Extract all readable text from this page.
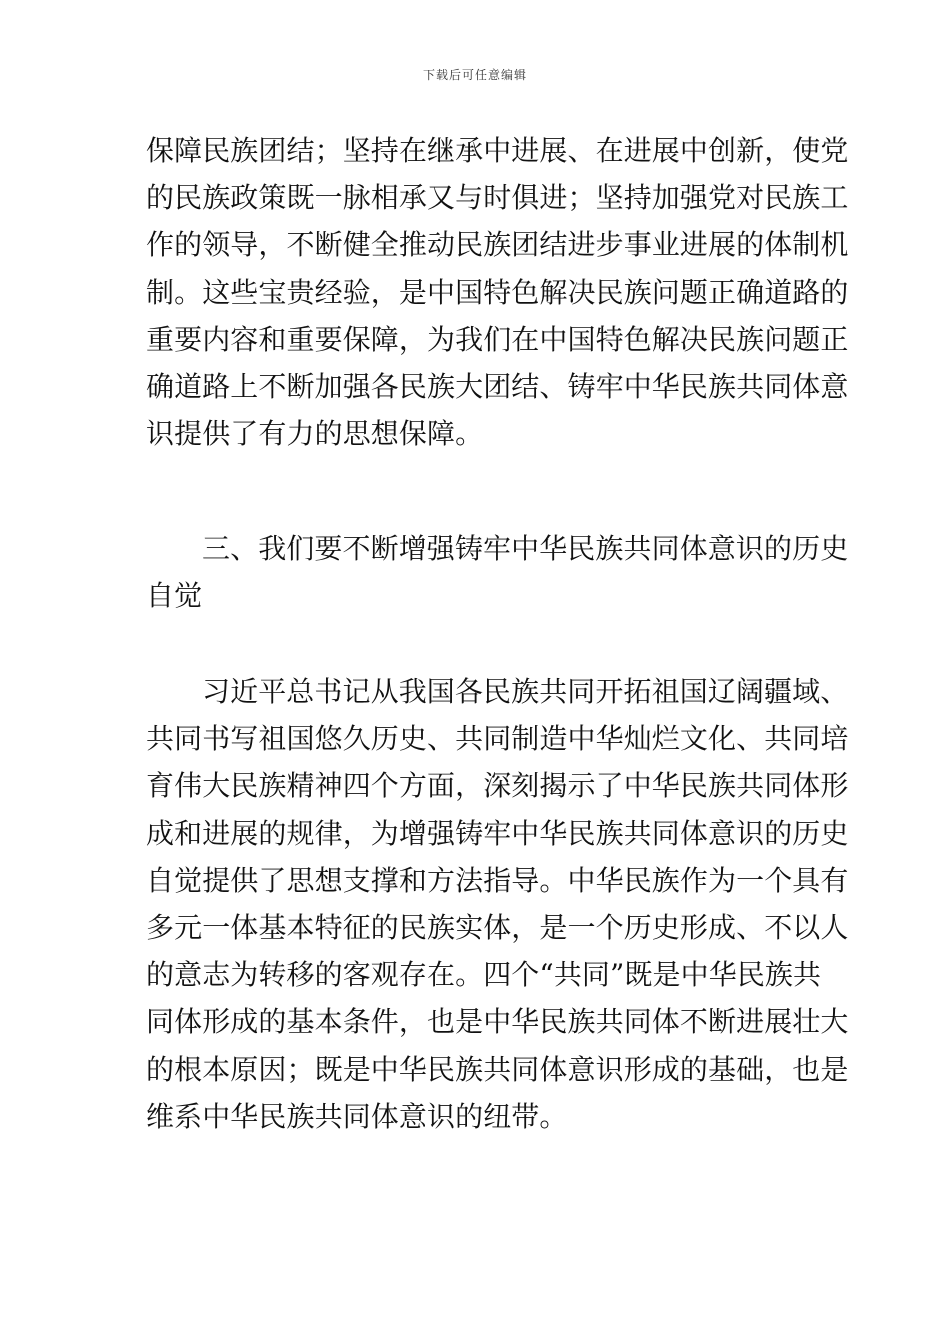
下载后可任意编辑
保障民族团结；坚持在继承中进展、在进展中创新，使党
的民族政策既一脉相承又与时俱进；坚持加强党对民族工
作的领导，不断健全推动民族团结进步事业进展的体制机
制。这些宝贵经验，是中国特色解决民族问题正确道路的
重要内容和重要保障，为我们在中国特色解决民族问题正
确道路上不断加强各民族大团结、铸牢中华民族共同体意
识提供了有力的思想保障。
三、我们要不断增强铸牢中华民族共同体意识的历史
自觉
习近平总书记从我国各民族共同开拓祖国辽阔疆域、
共同书写祖国悠久历史、共同制造中华灿烂文化、共同培
育伟大民族精神四个方面，深刻揭示了中华民族共同体形
成和进展的规律，为增强铸牢中华民族共同体意识的历史
自觉提供了思想支撑和方法指导。中华民族作为一个具有
多元一体基本特征的民族实体，是一个历史形成、不以人
的意志为转移的客观存在。四个“共同”既是中华民族共
同体形成的基本条件，也是中华民族共同体不断进展壮大
的根本原因；既是中华民族共同体意识形成的基础，也是
维系中华民族共同体意识的纽带。
